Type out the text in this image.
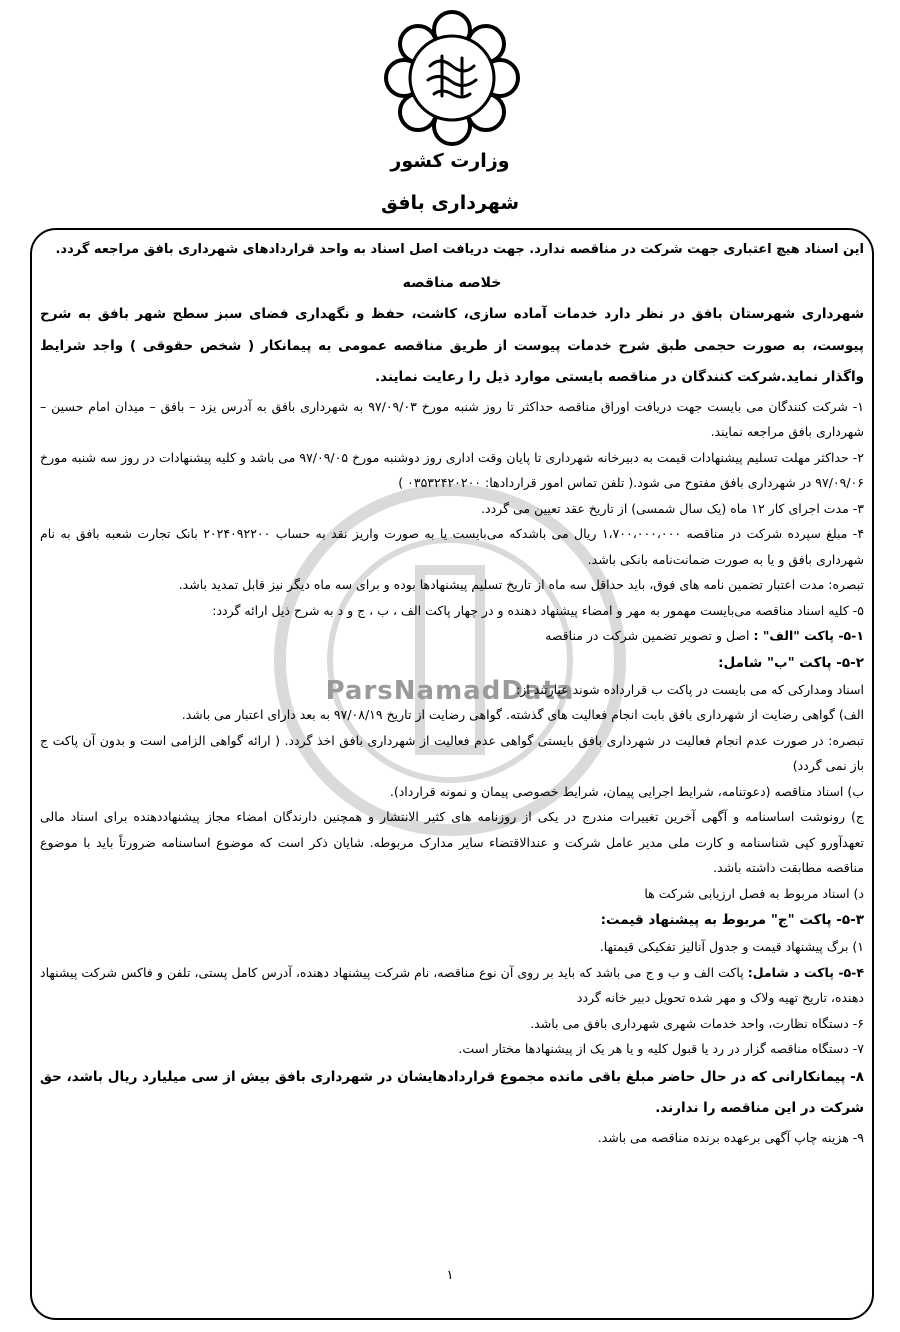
وزارت کشور
شهرداری بافق
ParsNamadData

این اسناد هیچ اعتباری جهت شرکت در مناقصه ندارد. جهت دریافت اصل اسناد به واحد قراردادهای شهرداری بافق مراجعه گردد.

خلاصه مناقصه

شهرداری شهرستان بافق در نظر دارد خدمات آماده سازی، کاشت، حفظ و نگهداری فضای سبز سطح شهر بافق به شرح پیوست، به صورت حجمی طبق شرح خدمات پیوست از طریق مناقصه عمومی به پیمانکار ( شخص حقوقی ) واجد شرایط واگذار نماید.شرکت کنندگان در مناقصه بایستی موارد ذیل را رعایت نمایند.

۱- شرکت کنندگان می بایست جهت دریافت اوراق مناقصه حداکثر تا روز شنبه مورخ ۹۷/۰۹/۰۳ به شهرداری بافق به آدرس یزد – بافق – میدان امام حسین –شهرداری بافق مراجعه نمایند.

۲- حداکثر مهلت تسلیم پیشنهادات قیمت به دبیرخانه شهرداری تا پایان وقت اداری روز دوشنبه مورخ ۹۷/۰۹/۰۵ می باشد و کلیه پیشنهادات در روز سه شنبه مورخ ۹۷/۰۹/۰۶ در شهرداری بافق مفتوح می شود.( تلفن تماس امور قراردادها: ۰۳۵۳۲۴۲۰۲۰۰ )

۳- مدت اجرای کار ۱۲ ماه (یک سال شمسی) از تاریخ عقد تعیین می گردد.

۴- مبلغ سپرده شرکت در مناقصه ۱،۷۰۰،۰۰۰،۰۰۰ ریال می باشدکه می‌بایست یا به صورت واریز نقد به حساب ۲۰۲۴۰۹۲۲۰۰ بانک تجارت شعبه بافق به نام شهرداری بافق و یا به صورت ضمانت‌نامه بانکی باشد.

تبصره: مدت اعتبار تضمین نامه های فوق، باید حداقل سه ماه از تاریخ تسلیم پیشنهادها بوده و برای سه ماه دیگر نیز قابل تمدید باشد.

۵- کلیه اسناد مناقصه می‌بایست مهمور به مهر و امضاء پیشنهاد دهنده و در چهار پاکت الف ، ب ، ج و د به شرح ذیل ارائه گردد:

۵-۱- پاکت "الف" : اصل و تصویر تضمین شرکت در مناقصه

۵-۲- پاکت "ب" شامل:

اسناد ومدارکی که می بایست در پاکت ب قرارداده شوند عبارتند از:

الف) گواهی رضایت از شهرداری بافق بابت انجام فعالیت های گذشته. گواهی رضایت از تاریخ ۹۷/۰۸/۱۹ به بعد دارای اعتبار می باشد.

تبصره: در صورت عدم انجام فعالیت در شهرداری بافق بایستی گواهی عدم فعالیت از شهرداری بافق اخذ گردد. ( ارائه گواهی الزامی است و بدون آن پاکت ج باز نمی گردد)

ب) اسناد مناقصه (دعوتنامه، شرایط اجرایی پیمان، شرایط خصوصی پیمان و نمونه قرارداد).

ج) رونوشت اساسنامه و آگهی آخرین تغییرات مندرج در یکی از روزنامه های کثیر الانتشار و همچنین دارندگان امضاء مجاز پیشنهاددهنده برای اسناد مالی تعهدآورو کپی شناسنامه و کارت ملی مدیر عامل شرکت و عندالاقتضاء سایر مدارک مربوطه. شایان ذکر است که موضوع اساسنامه ضرورتاً باید با موضوع مناقصه مطابقت داشته باشد.

د) اسناد مربوط به فصل ارزیابی شرکت ها

۵-۳- پاکت "ج" مربوط به پیشنهاد قیمت:

۱) برگ پیشنهاد قیمت و جدول آنالیز تفکیکی قیمتها.

۵-۴- پاکت د شامل: پاکت الف و ب و ج می باشد که باید بر روی آن نوع مناقصه، نام شرکت پیشنهاد دهنده، آدرس کامل پستی، تلفن و فاکس شرکت پیشنهاد دهنده، تاریخ تهیه ولاک و مهر شده تحویل دبیر خانه گردد

۶- دستگاه نظارت، واحد خدمات شهری شهرداری بافق می باشد.

۷- دستگاه مناقصه گزار در رد یا قبول کلیه و یا هر یک از پیشنهادها مختار است.

۸- پیمانکارانی که در حال حاضر مبلغ باقی مانده مجموع قراردادهایشان در شهرداری بافق بیش از سی میلیارد ریال باشد، حق شرکت در این مناقصه را ندارند.

۹- هزینه چاپ آگهی برعهده برنده مناقصه می باشد.

۱
